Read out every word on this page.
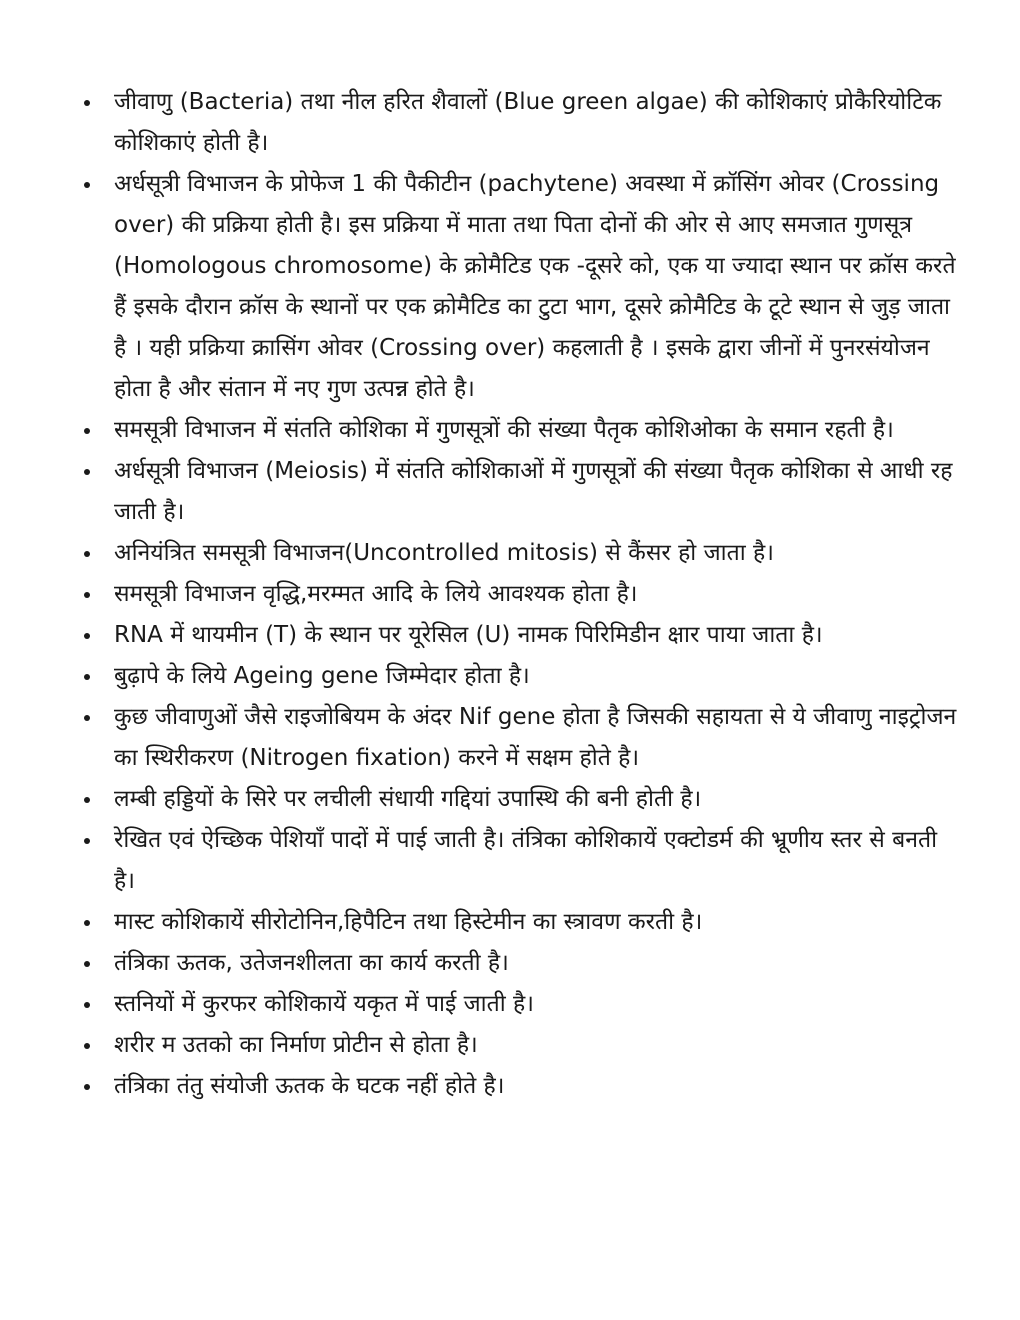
जीवाणु (Bacteria) तथा नील हरित शैवालों (Blue green algae) की कोशिकाएं प्रोकैरियोटिक कोशिकाएं होती है।
अर्धसूत्री विभाजन के प्रोफेज 1 की पैकीटीन (pachytene) अवस्था में क्रॉसिंग ओवर (Crossing over) की प्रक्रिया होती है। इस प्रक्रिया में माता तथा पिता दोनों की ओर से आए समजात गुणसूत्र (Homologous chromosome) के क्रोमैटिड एक -दूसरे को, एक या ज्यादा स्थान पर क्रॉस करते हैं इसके दौरान क्रॉस के स्थानों पर एक क्रोमैटिड का टुटा भाग, दूसरे क्रोमैटिड के टूटे स्थान से जुड़ जाता है । यही प्रक्रिया क्रासिंग ओवर (Crossing over) कहलाती है । इसके द्वारा जीनों में पुनरसंयोजन होता है और संतान में नए गुण उत्पन्न होते है।
समसूत्री विभाजन में संतति कोशिका में गुणसूत्रों की संख्या पैतृक कोशिओका के समान रहती है।
अर्धसूत्री विभाजन (Meiosis) में संतति कोशिकाओं में गुणसूत्रों की संख्या पैतृक कोशिका से आधी रह जाती है।
अनियंत्रित समसूत्री विभाजन(Uncontrolled mitosis) से कैंसर हो जाता है।
समसूत्री विभाजन वृद्धि,मरम्मत आदि के लिये आवश्यक होता है।
RNA में थायमीन (T) के स्थान पर यूरेसिल (U) नामक पिरिमिडीन क्षार पाया जाता है।
बुढ़ापे के लिये Ageing gene जिम्मेदार होता है।
कुछ जीवाणुओं जैसे राइजोबियम के अंदर Nif gene होता है जिसकी सहायता से ये जीवाणु नाइट्रोजन का स्थिरीकरण (Nitrogen fixation) करने में सक्षम होते है।
लम्बी हड्डियों के सिरे पर लचीली संधायी गद्दियां उपास्थि की बनी होती है।
रेखित एवं ऐच्छिक पेशियाँ पादों में पाई जाती है। तंत्रिका कोशिकायें एक्टोडर्म की भ्रूणीय स्तर से बनती है।
मास्ट कोशिकायें सीरोटोनिन,हिपैटिन तथा हिस्टेमीन का स्त्रावण करती है।
तंत्रिका ऊतक, उतेजनशीलता का कार्य करती है।
स्तनियों में कुरफर कोशिकायें यकृत में पाई जाती है।
शरीर म उतको का निर्माण प्रोटीन से होता है।
तंत्रिका तंतु संयोजी ऊतक के घटक नहीं होते है।
